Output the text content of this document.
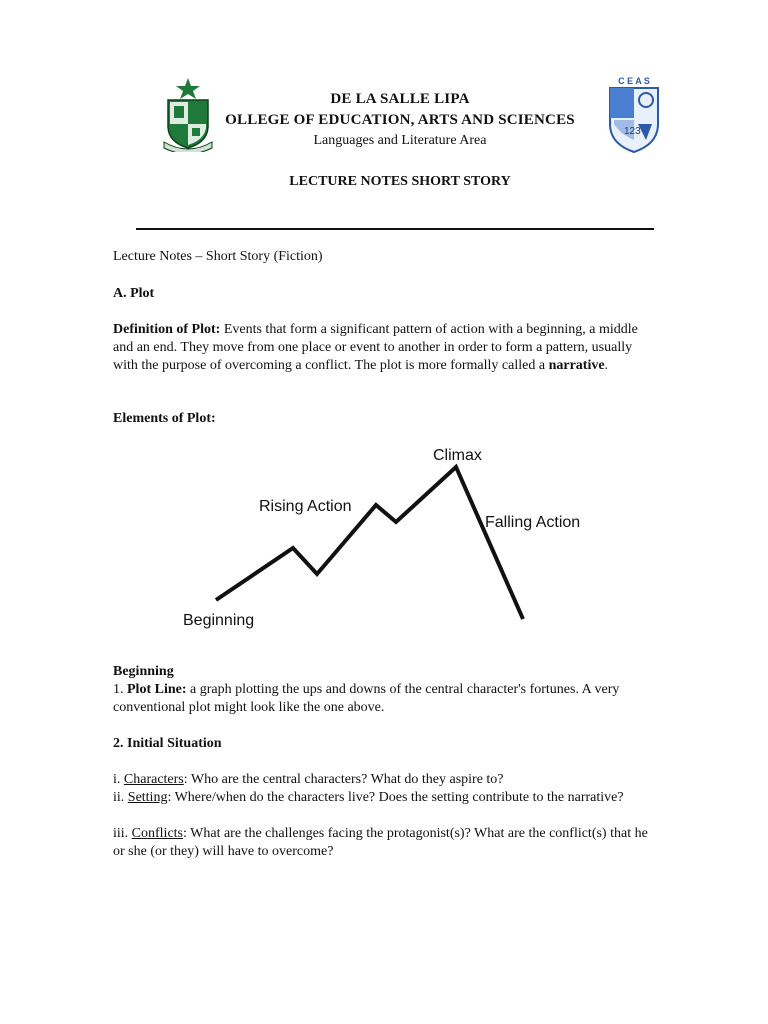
C E A S
123
DE LA SALLE LIPA
OLLEGE OF EDUCATION, ARTS AND SCIENCES
Languages and Literature Area
LECTURE NOTES SHORT STORY
Lecture Notes – Short Story (Fiction)
A. Plot
Definition of Plot: Events that form a significant pattern of action with a beginning, a middle and an end. They move from one place or event to another in order to form a pattern, usually with the purpose of overcoming a conflict. The plot is more formally called a narrative.
Elements of Plot:
Beginning
Rising Action
Climax
Falling Action
Beginning
1. Plot Line: a graph plotting the ups and downs of the central character's fortunes. A very conventional plot might look like the one above.
2. Initial Situation
i. Characters: Who are the central characters? What do they aspire to?
ii. Setting: Where/when do the characters live? Does the setting contribute to the narrative?
iii. Conflicts: What are the challenges facing the protagonist(s)? What are the conflict(s) that he or she (or they) will have to overcome?
